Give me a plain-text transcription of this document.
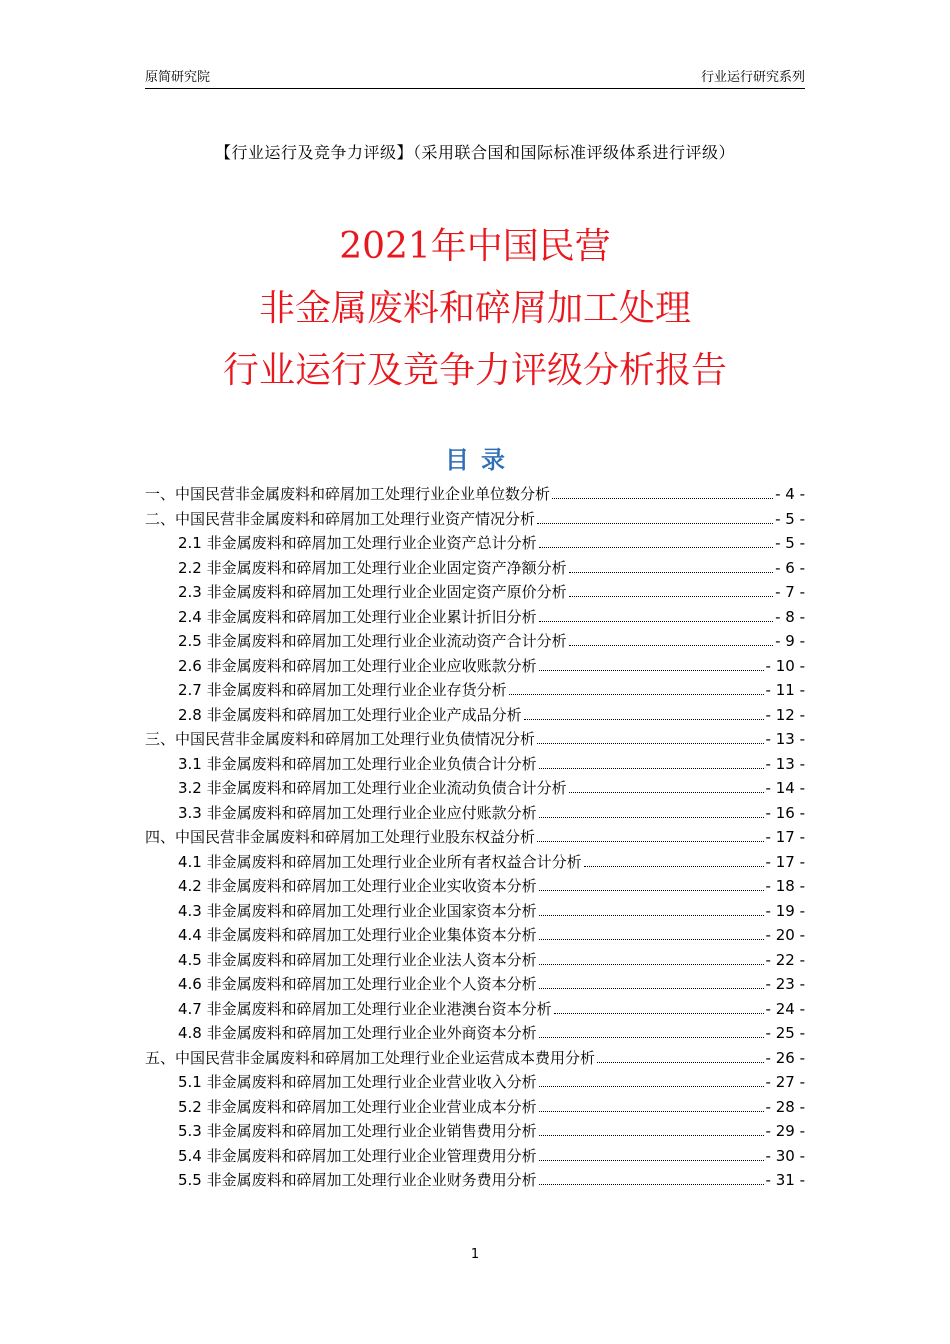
原简研究院	行业运行研究系列
【行业运行及竞争力评级】（采用联合国和国际标准评级体系进行评级）
2021年中国民营
非金属废料和碎屑加工处理
行业运行及竞争力评级分析报告
目录
一、中国民营非金属废料和碎屑加工处理行业企业单位数分析	- 4 -
二、中国民营非金属废料和碎屑加工处理行业资产情况分析	- 5 -
2.1 非金属废料和碎屑加工处理行业企业资产总计分析	- 5 -
2.2 非金属废料和碎屑加工处理行业企业固定资产净额分析	- 6 -
2.3 非金属废料和碎屑加工处理行业企业固定资产原价分析	- 7 -
2.4 非金属废料和碎屑加工处理行业企业累计折旧分析	- 8 -
2.5 非金属废料和碎屑加工处理行业企业流动资产合计分析	- 9 -
2.6 非金属废料和碎屑加工处理行业企业应收账款分析	- 10 -
2.7 非金属废料和碎屑加工处理行业企业存货分析	- 11 -
2.8 非金属废料和碎屑加工处理行业企业产成品分析	- 12 -
三、中国民营非金属废料和碎屑加工处理行业负债情况分析	- 13 -
3.1 非金属废料和碎屑加工处理行业企业负债合计分析	- 13 -
3.2 非金属废料和碎屑加工处理行业企业流动负债合计分析	- 14 -
3.3 非金属废料和碎屑加工处理行业企业应付账款分析	- 16 -
四、中国民营非金属废料和碎屑加工处理行业股东权益分析	- 17 -
4.1 非金属废料和碎屑加工处理行业企业所有者权益合计分析	- 17 -
4.2 非金属废料和碎屑加工处理行业企业实收资本分析	- 18 -
4.3 非金属废料和碎屑加工处理行业企业国家资本分析	- 19 -
4.4 非金属废料和碎屑加工处理行业企业集体资本分析	- 20 -
4.5 非金属废料和碎屑加工处理行业企业法人资本分析	- 22 -
4.6 非金属废料和碎屑加工处理行业企业个人资本分析	- 23 -
4.7 非金属废料和碎屑加工处理行业企业港澳台资本分析	- 24 -
4.8 非金属废料和碎屑加工处理行业企业外商资本分析	- 25 -
五、中国民营非金属废料和碎屑加工处理行业企业运营成本费用分析	- 26 -
5.1 非金属废料和碎屑加工处理行业企业营业收入分析	- 27 -
5.2 非金属废料和碎屑加工处理行业企业营业成本分析	- 28 -
5.3 非金属废料和碎屑加工处理行业企业销售费用分析	- 29 -
5.4 非金属废料和碎屑加工处理行业企业管理费用分析	- 30 -
5.5 非金属废料和碎屑加工处理行业企业财务费用分析	- 31 -
1
